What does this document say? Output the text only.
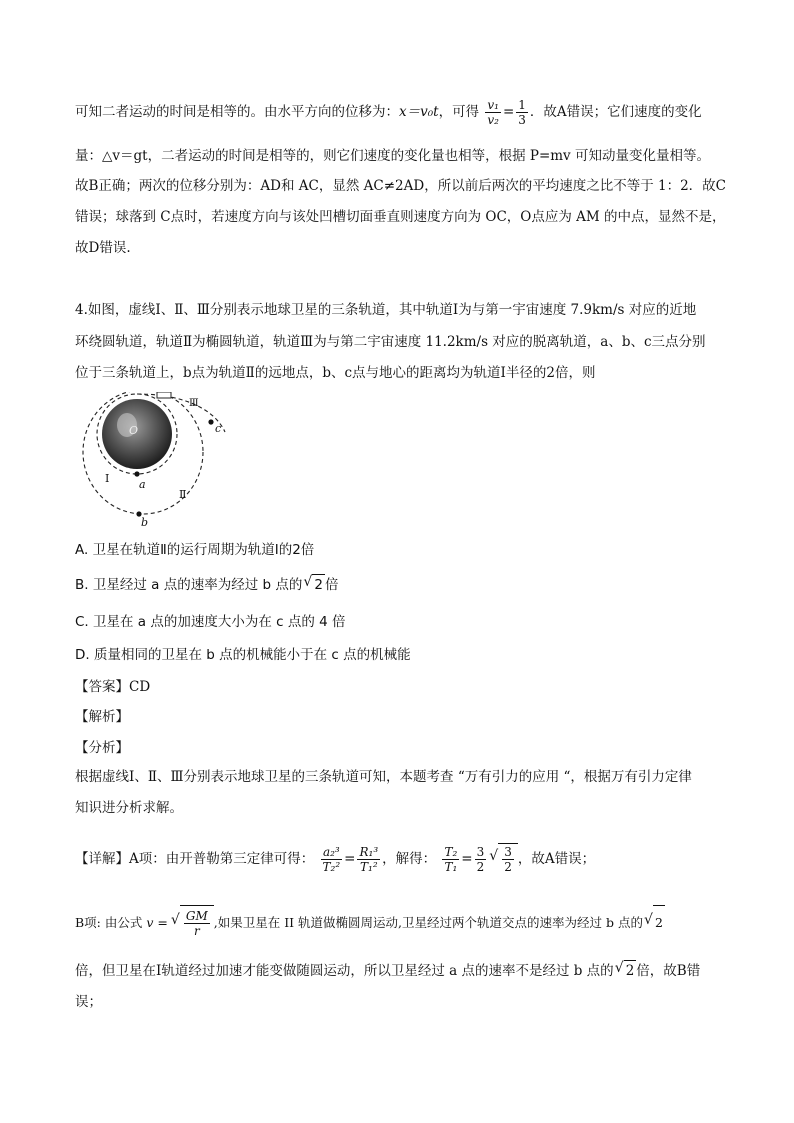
可知二者运动的时间是相等的。由水平方向的位移为：x＝v₀t，可得 $\frac{\text{v₁}}{\text{v₂}} = \frac{1}{3}$ ．故A错误；它们速度的变化
量：△v＝gt，二者运动的时间是相等的，则它们速度的变化量也相等，根据 P=mv 可知动量变化量相等。
故B正确；两次的位移分别为：AD和 AC，显然 AC≠2AD，所以前后两次的平均速度之比不等于 1：2．故C
错误；球落到 C点时，若速度方向与该处凹槽切面垂直则速度方向为 OC，O点应为 AM 的中点，显然不是，
故D错误.
4.如图，虚线Ⅰ、Ⅱ、Ⅲ分别表示地球卫星的三条轨道，其中轨道Ⅰ为与第一宇宙速度 7.9km/s 对应的近地
环绕圆轨道，轨道Ⅱ为椭圆轨道，轨道Ⅲ为与第二宇宙速度 11.2km/s 对应的脱离轨道，a、b、c三点分别
位于三条轨道上，b点为轨道Ⅱ的远地点，b、c点与地心的距离均为轨道Ⅰ半径的2倍，则
O
Ⅰ
Ⅱ
Ⅲ
a
b
c
A. 卫星在轨道Ⅱ的运行周期为轨道Ⅰ的2倍
B. 卫星经过 a 点的速率为经过 b 点的 √ 2 倍
C. 卫星在 a 点的加速度大小为在 c 点的 4 倍
D. 质量相同的卫星在 b 点的机械能小于在 c 点的机械能
【答案】CD
【解析】
【分析】
根据虚线Ⅰ、Ⅱ、Ⅲ分别表示地球卫星的三条轨道可知，本题考查 “万有引力的应用 “，根据万有引力定律
知识进分析求解。
【详解】A项：由开普勒第三定律可得： $\frac{\text{a₂³}}{\text{T₂²}} = \frac{\text{R₁³}}{\text{T₁²}}$ ，解得： $\frac{\text{T₂}}{\text{T₁}} = \frac{3}{2}$ √ $\frac{3}{2}$ ，故A错误；
B项: 由公式 v = √ $\frac{GM}{r}$ ,如果卫星在 II 轨道做椭圆周运动,卫星经过两个轨道交点的速率为经过 b 点的 √ 2
倍，但卫星在Ⅰ轨道经过加速才能变做随圆运动，所以卫星经过 a 点的速率不是经过 b 点的 √ 2 倍，故B错
误；
